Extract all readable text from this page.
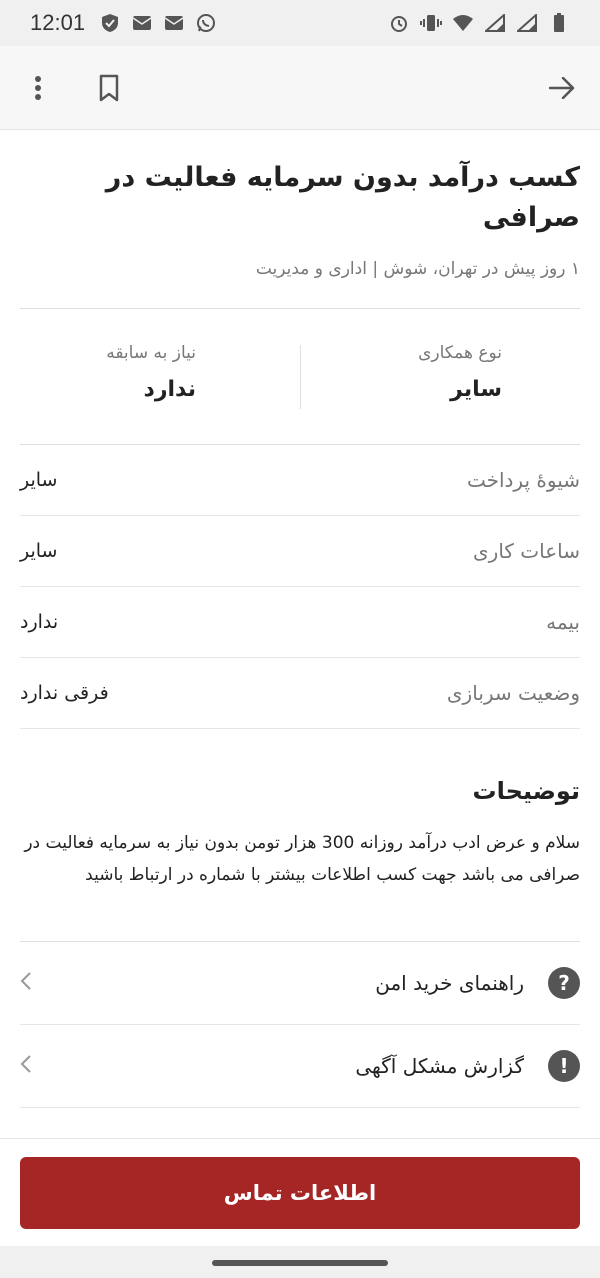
12:01
کسب درآمد بدون سرمایه فعالیت در صرافی
۱ روز پیش در تهران، شوش | اداری و مدیریت
نوع همکاری
سایر
نیاز به سابقه
ندارد
شیوهٔ پرداخت
سایر
ساعات کاری
سایر
بیمه
ندارد
وضعیت سربازی
فرقی ندارد
توضیحات

سلام و عرض ادب درآمد روزانه 300 هزار تومن بدون نیاز به سرمایه فعالیت در صرافی می باشد جهت کسب اطلاعات بیشتر با شماره در ارتباط باشید

?
راهنمای خرید امن
!
گزارش مشکل آگهی
اطلاعات تماس
